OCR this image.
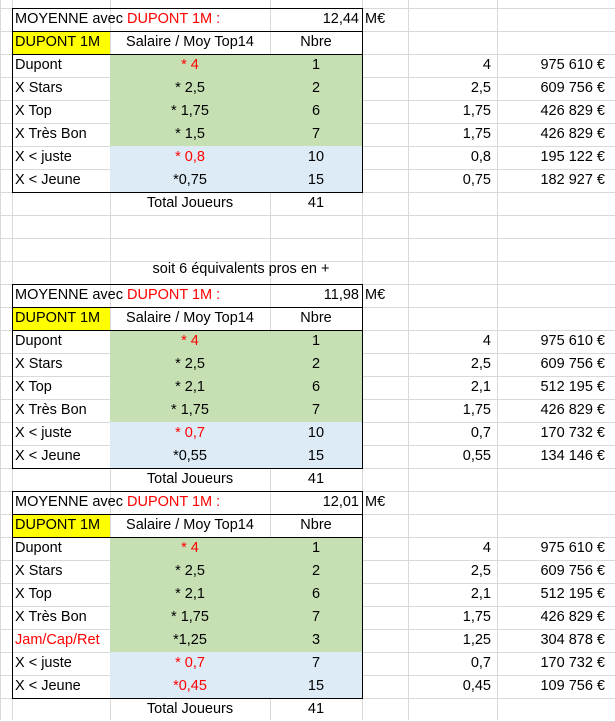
MOYENNE avec DUPONT 1M :	12,44 M€
DUPONT 1M	Salaire / Moy Top14	Nbre
Dupont	* 4	1	4	975 610 €
X Stars	* 2,5	2	2,5	609 756 €
X Top	* 1,75	6	1,75	426 829 €
X Très Bon	* 1,5	7	1,75	426 829 €
X < juste	* 0,8	10	0,8	195 122 €
X < Jeune	*0,75	15	0,75	182 927 €
Total Joueurs	41
MOYENNE avec DUPONT 1M :	11,98 M€
DUPONT 1M	Salaire / Moy Top14	Nbre
Dupont	* 4	1	4	975 610 €
X Stars	* 2,5	2	2,5	609 756 €
X Top	* 2,1	6	2,1	512 195 €
X Très Bon	* 1,75	7	1,75	426 829 €
X < juste	* 0,7	10	0,7	170 732 €
X < Jeune	*0,55	15	0,55	134 146 €
Total Joueurs	41
MOYENNE avec DUPONT 1M :	12,01 M€
DUPONT 1M	Salaire / Moy Top14	Nbre
Dupont	* 4	1	4	975 610 €
X Stars	* 2,5	2	2,5	609 756 €
X Top	* 2,1	6	2,1	512 195 €
X Très Bon	* 1,75	7	1,75	426 829 €
Jam/Cap/Ret	*1,25	3	1,25	304 878 €
X < juste	* 0,7	7	0,7	170 732 €
X < Jeune	*0,45	15	0,45	109 756 €
Total Joueurs	41
soit 6 équivalents pros en +
